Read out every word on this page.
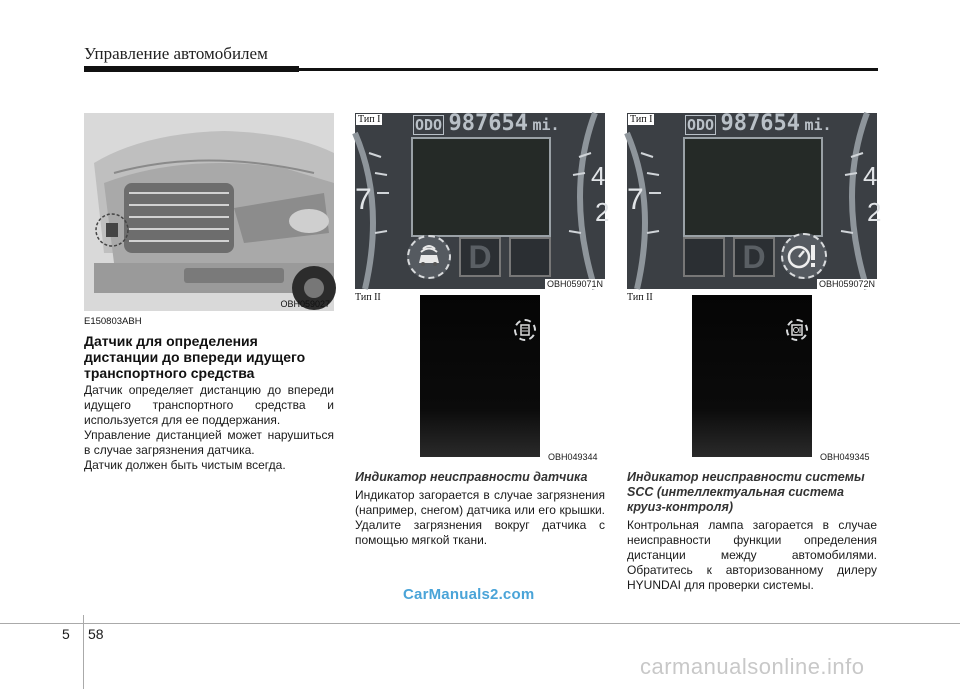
Управление автомобилем
OBH059027
E150803ABH
Датчик для определения дистанции до впереди идущего транспортного средства
Датчик определяет дистанцию до впереди идущего транспортного средства и используется для ее поддержания.
Управление дистанцией может нарушиться в случае загрязнения датчика.
Датчик должен быть чистым всегда.
7
4
2
ODO 987654 mi.
D
Тип I
OBH059071N
Тип II
OBH049344
Индикатор неисправности датчика
Индикатор загорается в случае загрязнения (например, снегом) датчика или его крышки. Удалите загрязнения вокруг датчика с помощью мягкой ткани.
7
4
2
ODO 987654 mi.
D
Тип I
OBH059072N
Тип II
OBH049345
Индикатор неисправности системы SCC (интеллектуальная система круиз-контроля)
Контрольная лампа загорается в случае неисправности функции определения дистанции между автомобилями. Обратитесь к авторизованному дилеру HYUNDAI для проверки системы.
CarManuals2.com
5 58
carmanualsonline.info
